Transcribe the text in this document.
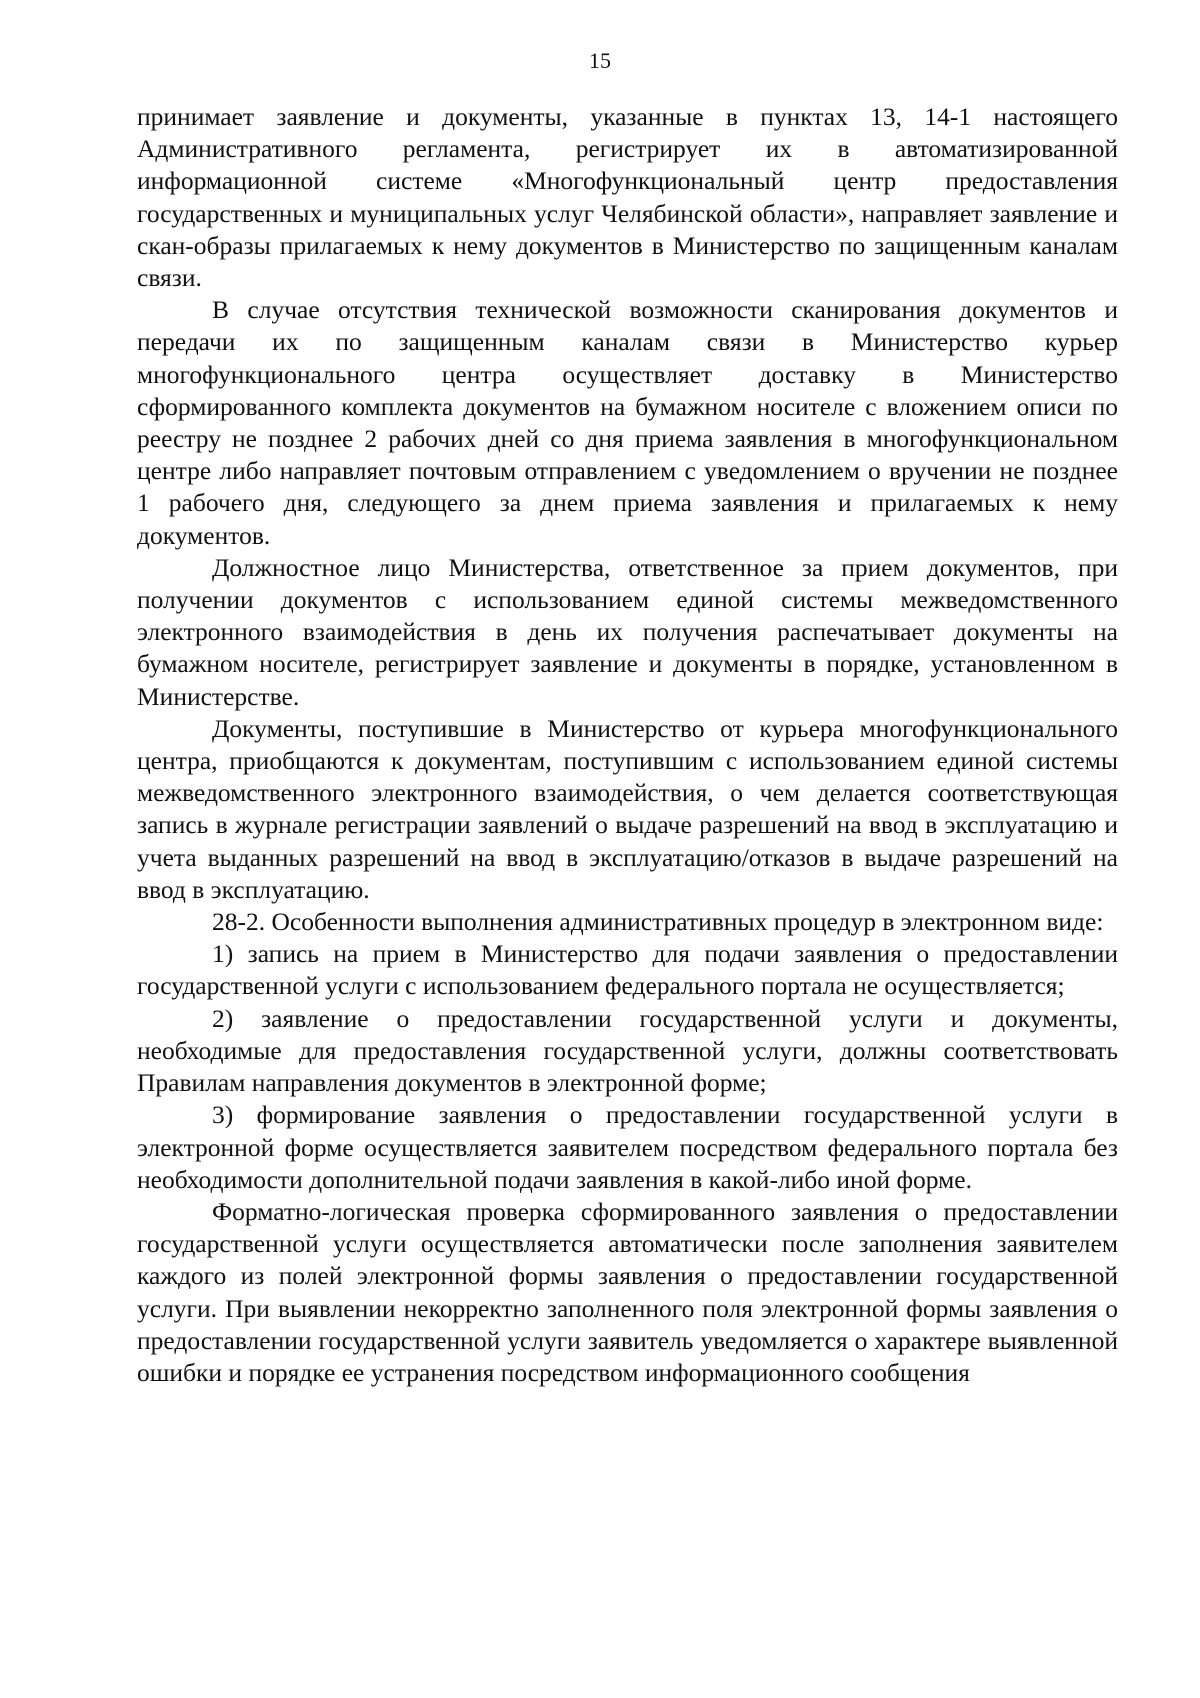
15

принимает заявление и документы, указанные в пунктах 13, 14-1 настоящего Административного регламента, регистрирует их в автоматизированной информационной системе «Многофункциональный центр предоставления государственных и муниципальных услуг Челябинской области», направляет заявление и скан-образы прилагаемых к нему документов в Министерство по защищенным каналам связи.

В случае отсутствия технической возможности сканирования документов и передачи их по защищенным каналам связи в Министерство курьер многофункционального центра осуществляет доставку в Министерство сформированного комплекта документов на бумажном носителе с вложением описи по реестру не позднее 2 рабочих дней со дня приема заявления в многофункциональном центре либо направляет почтовым отправлением с уведомлением о вручении не позднее 1 рабочего дня, следующего за днем приема заявления и прилагаемых к нему документов.

Должностное лицо Министерства, ответственное за прием документов, при получении документов с использованием единой системы межведомственного электронного взаимодействия в день их получения распечатывает документы на бумажном носителе, регистрирует заявление и документы в порядке, установленном в Министерстве.

Документы, поступившие в Министерство от курьера многофункционального центра, приобщаются к документам, поступившим с использованием единой системы межведомственного электронного взаимодействия, о чем делается соответствующая запись в журнале регистрации заявлений о выдаче разрешений на ввод в эксплуатацию и учета выданных разрешений на ввод в эксплуатацию/отказов в выдаче разрешений на ввод в эксплуатацию.

28-2. Особенности выполнения административных процедур в электронном виде:

1) запись на прием в Министерство для подачи заявления о предоставлении государственной услуги с использованием федерального портала не осуществляется;

2) заявление о предоставлении государственной услуги и документы, необходимые для предоставления государственной услуги, должны соответствовать Правилам направления документов в электронной форме;

3) формирование заявления о предоставлении государственной услуги в электронной форме осуществляется заявителем посредством федерального портала без необходимости дополнительной подачи заявления в какой-либо иной форме.

Форматно-логическая проверка сформированного заявления о предоставлении государственной услуги осуществляется автоматически после заполнения заявителем каждого из полей электронной формы заявления о предоставлении государственной услуги. При выявлении некорректно заполненного поля электронной формы заявления о предоставлении государственной услуги заявитель уведомляется о характере выявленной ошибки и порядке ее устранения посредством информационного сообщения
